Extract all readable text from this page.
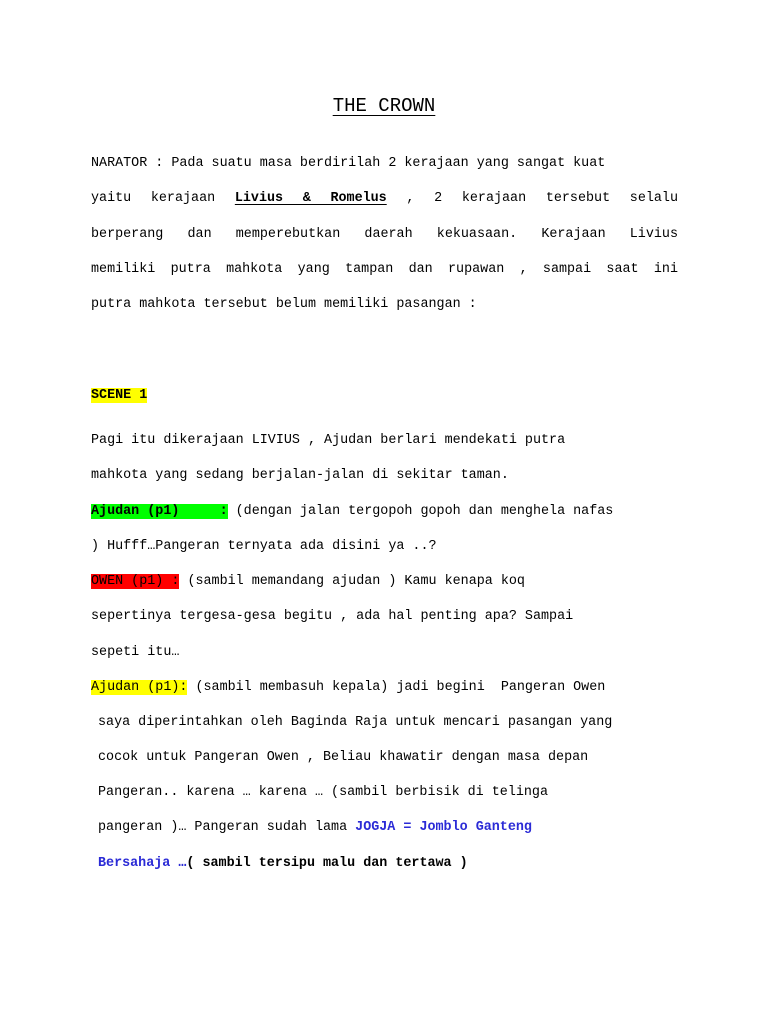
THE CROWN
NARATOR : Pada suatu masa berdirilah 2 kerajaan yang sangat kuat
yaitu kerajaan Livius & Romelus , 2 kerajaan tersebut selalu
berperang dan memperebutkan daerah kekuasaan. Kerajaan Livius
memiliki putra mahkota yang tampan dan rupawan , sampai saat ini
putra mahkota tersebut belum memiliki pasangan :
SCENE 1
Pagi itu dikerajaan LIVIUS , Ajudan berlari mendekati putra
mahkota yang sedang berjalan-jalan di sekitar taman.
Ajudan (p1)     : (dengan jalan tergopoh gopoh dan menghela nafas
) Hufff…Pangeran ternyata ada disini ya ..?
OWEN (p1) : (sambil memandang ajudan ) Kamu kenapa koq
sepertinya tergesa-gesa begitu , ada hal penting apa? Sampai
sepeti itu…
Ajudan (p1): (sambil membasuh kepala) jadi begini  Pangeran Owen
saya diperintahkan oleh Baginda Raja untuk mencari pasangan yang
cocok untuk Pangeran Owen , Beliau khawatir dengan masa depan
Pangeran.. karena … karena … (sambil berbisik di telinga
pangeran )… Pangeran sudah lama JOGJA = Jomblo Ganteng
Bersahaja …( sambil tersipu malu dan tertawa )
